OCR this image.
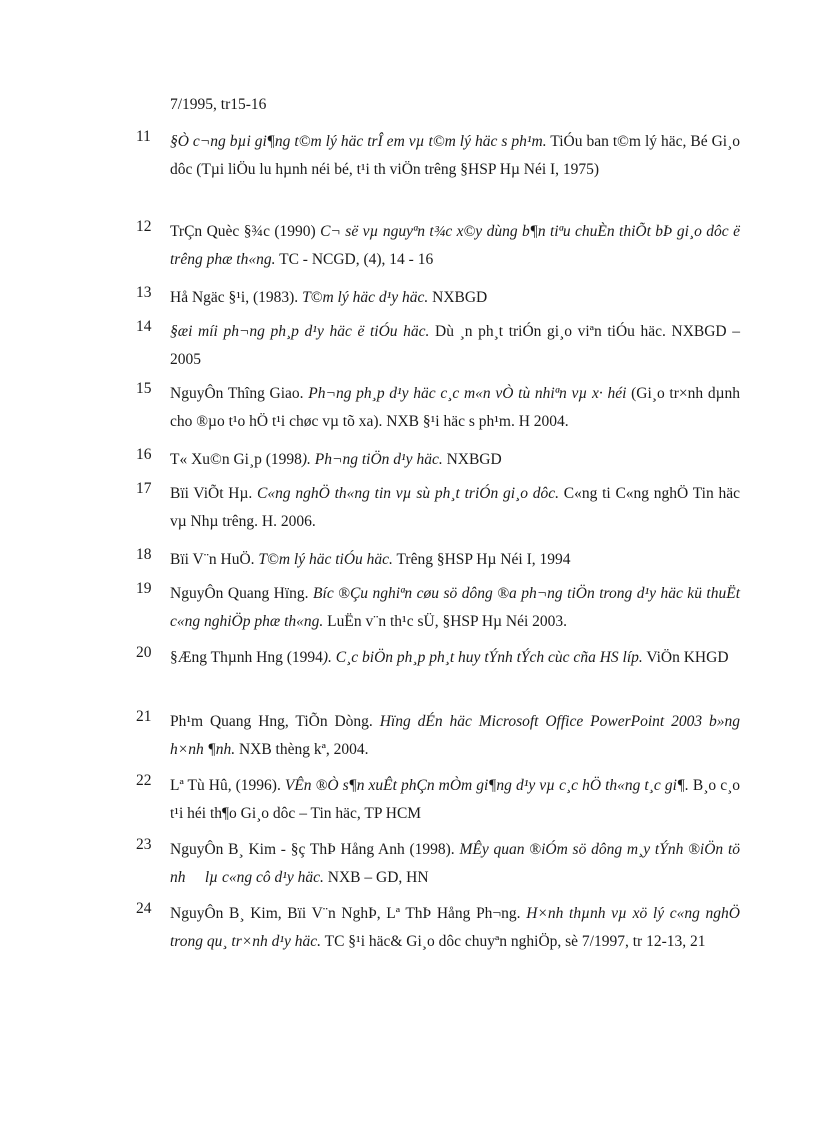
7/1995, tr15-16
11	§Ò c¬ng bµi gi¶ng t©m lý häc trÎ em vµ t©m lý häc s ph¹m. TiÓu ban t©m lý häc, Bé Gi¸o dôc (Tµi liÖu lu hµnh néi bé, t¹i th viÖn trêng §HSP Hµ Néi I, 1975)
12	TrÇn Quèc §¾c (1990) C¬ së vµ nguyªn t¾c x©y dùng b¶n tiªu chuÈn thiÕt bÞ gi¸o dôc ë trêng phæ th«ng. TC - NCGD, (4), 14 - 16
13	Hå Ngäc §¹i, (1983). T©m lý häc d¹y häc. NXBGD
14	§æi míi ph¬ng ph¸p d¹y häc ë tiÓu häc. Dù ¸n ph¸t triÓn gi¸o viªn tiÓu häc. NXBGD – 2005
15	NguyÔn Thîng Giao. Ph¬ng ph¸p d¹y häc c¸c m«n vÒ tù nhiªn vµ x· héi (Gi¸o tr×nh dµnh cho ®µo t¹o hÖ t¹i chøc vµ tõ xa). NXB §¹i häc s ph¹m. H 2004.
16	T« Xu©n Gi¸p (1998). Ph¬ng tiÖn d¹y häc. NXBGD
17	Bïi ViÕt Hµ. C«ng nghÖ th«ng tin vµ sù ph¸t triÓn gi¸o dôc. C«ng ti C«ng nghÖ Tin häc vµ Nhµ trêng. H. 2006.
18	Bïi V¨n HuÖ. T©m lý häc tiÓu häc. Trêng §HSP Hµ Néi I, 1994
19	NguyÔn Quang Hïng. Bíc ®Çu nghiªn cøu sö dông ®a ph¬ng tiÖn trong d¹y häc kü thuËt c«ng nghiÖp phæ th«ng. LuËn v¨n th¹c sÜ, §HSP Hµ Néi 2003.
20	§Æng Thµnh Hng (1994). C¸c biÖn ph¸p ph¸t huy tÝnh tÝch cùc cña HS líp. ViÖn KHGD
21	Ph¹m Quang Hng, TiÕn Dòng. Hïng dÉn häc Microsoft Office PowerPoint 2003 b»ng h×nh ¶nh. NXB thèng kª, 2004.
22	Lª Tù Hû, (1996). VÊn ®Ò s¶n xuÊt phÇn mÒm gi¶ng d¹y vµ c¸c hÖ th«ng t¸c gi¶. B¸o c¸o t¹i héi th¶o Gi¸o dôc – Tin häc, TP HCM
23	NguyÔn B¸ Kim - §ç ThÞ Hång Anh (1998). MÊy quan ®iÓm sö dông m¸y tÝnh ®iÖn tö nh     lµ c«ng cô d¹y häc. NXB – GD, HN
24	NguyÔn B¸ Kim, Bïi V¨n NghÞ, Lª ThÞ Hång Ph¬ng. H×nh thµnh vµ xö lý c«ng nghÖ trong qu¸ tr×nh d¹y häc. TC §¹i häc& Gi¸o dôc chuyªn nghiÖp, sè 7/1997, tr 12-13, 21
